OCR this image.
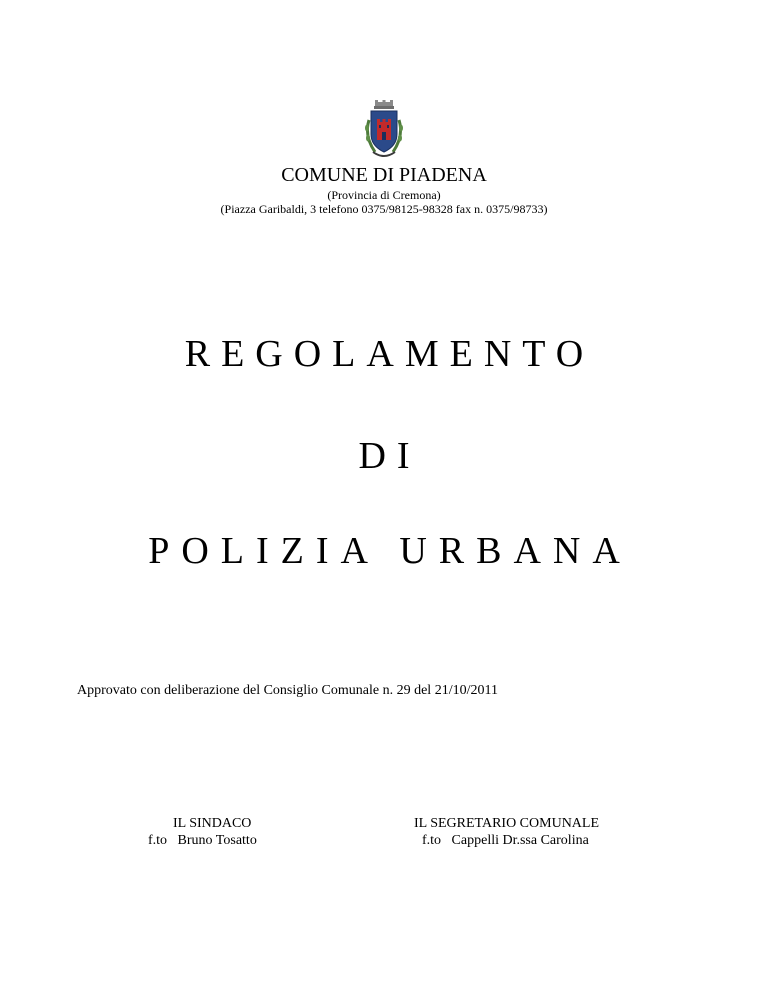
COMUNE DI PIADENA
(Provincia di Cremona)
(Piazza Garibaldi, 3 telefono 0375/98125-98328 fax n. 0375/98733)
REGOLAMENTO
DI
POLIZIA URBANA
Approvato con deliberazione del Consiglio Comunale n. 29 del 21/10/2011
IL SINDACO
f.to   Bruno Tosatto
IL SEGRETARIO COMUNALE
f.to   Cappelli Dr.ssa Carolina
